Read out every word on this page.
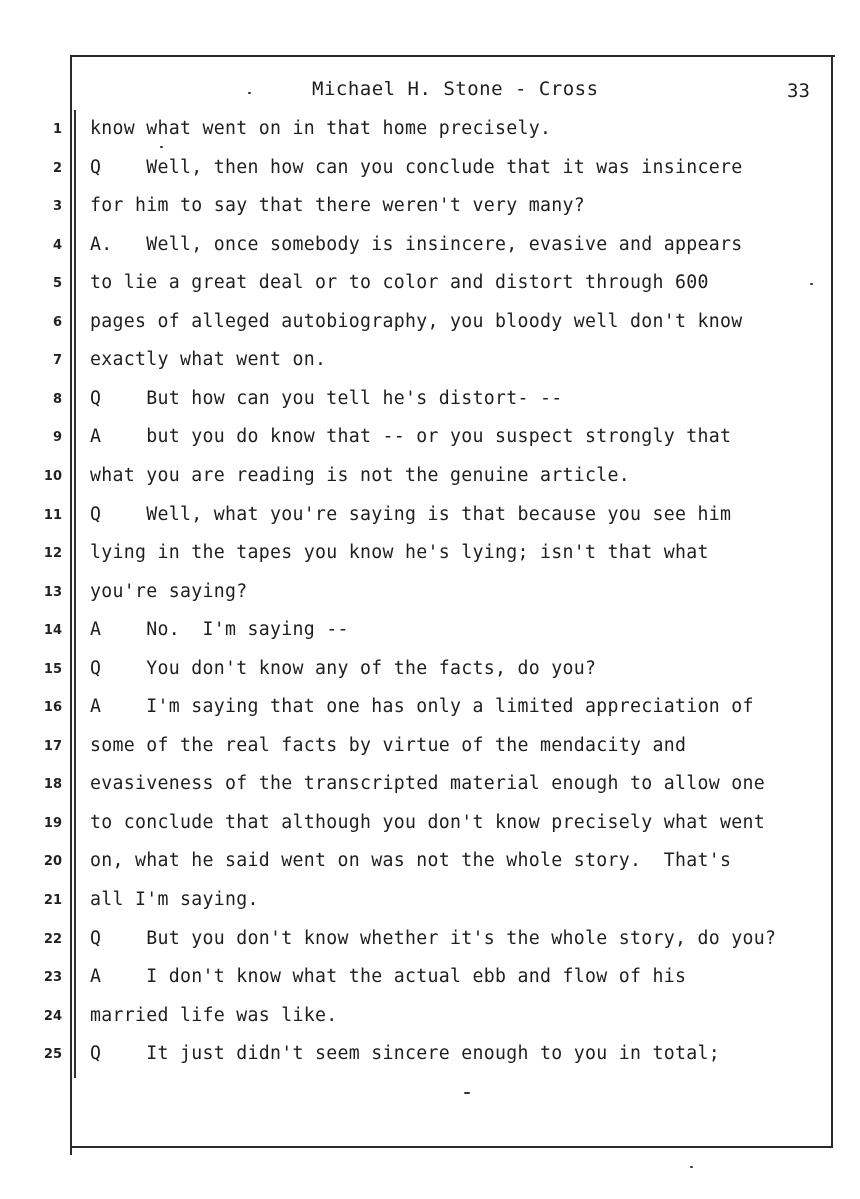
Michael H. Stone - Cross	33
1 know what went on in that home precisely.
2 Q    Well, then how can you conclude that it was insincere
3 for him to say that there weren't very many?
4 A.   Well, once somebody is insincere, evasive and appears
5 to lie a great deal or to color and distort through 600
6 pages of alleged autobiography, you bloody well don't know
7 exactly what went on.
8 Q    But how can you tell he's distort- --
9 A    but you do know that -- or you suspect strongly that
10 what you are reading is not the genuine article.
11 Q    Well, what you're saying is that because you see him
12 lying in the tapes you know he's lying; isn't that what
13 you're saying?
14 A    No.  I'm saying --
15 Q    You don't know any of the facts, do you?
16 A    I'm saying that one has only a limited appreciation of
17 some of the real facts by virtue of the mendacity and
18 evasiveness of the transcripted material enough to allow one
19 to conclude that although you don't know precisely what went
20 on, what he said went on was not the whole story.  That's
21 all I'm saying.
22 Q    But you don't know whether it's the whole story, do you?
23 A    I don't know what the actual ebb and flow of his
24 married life was like.
25 Q    It just didn't seem sincere enough to you in total;
